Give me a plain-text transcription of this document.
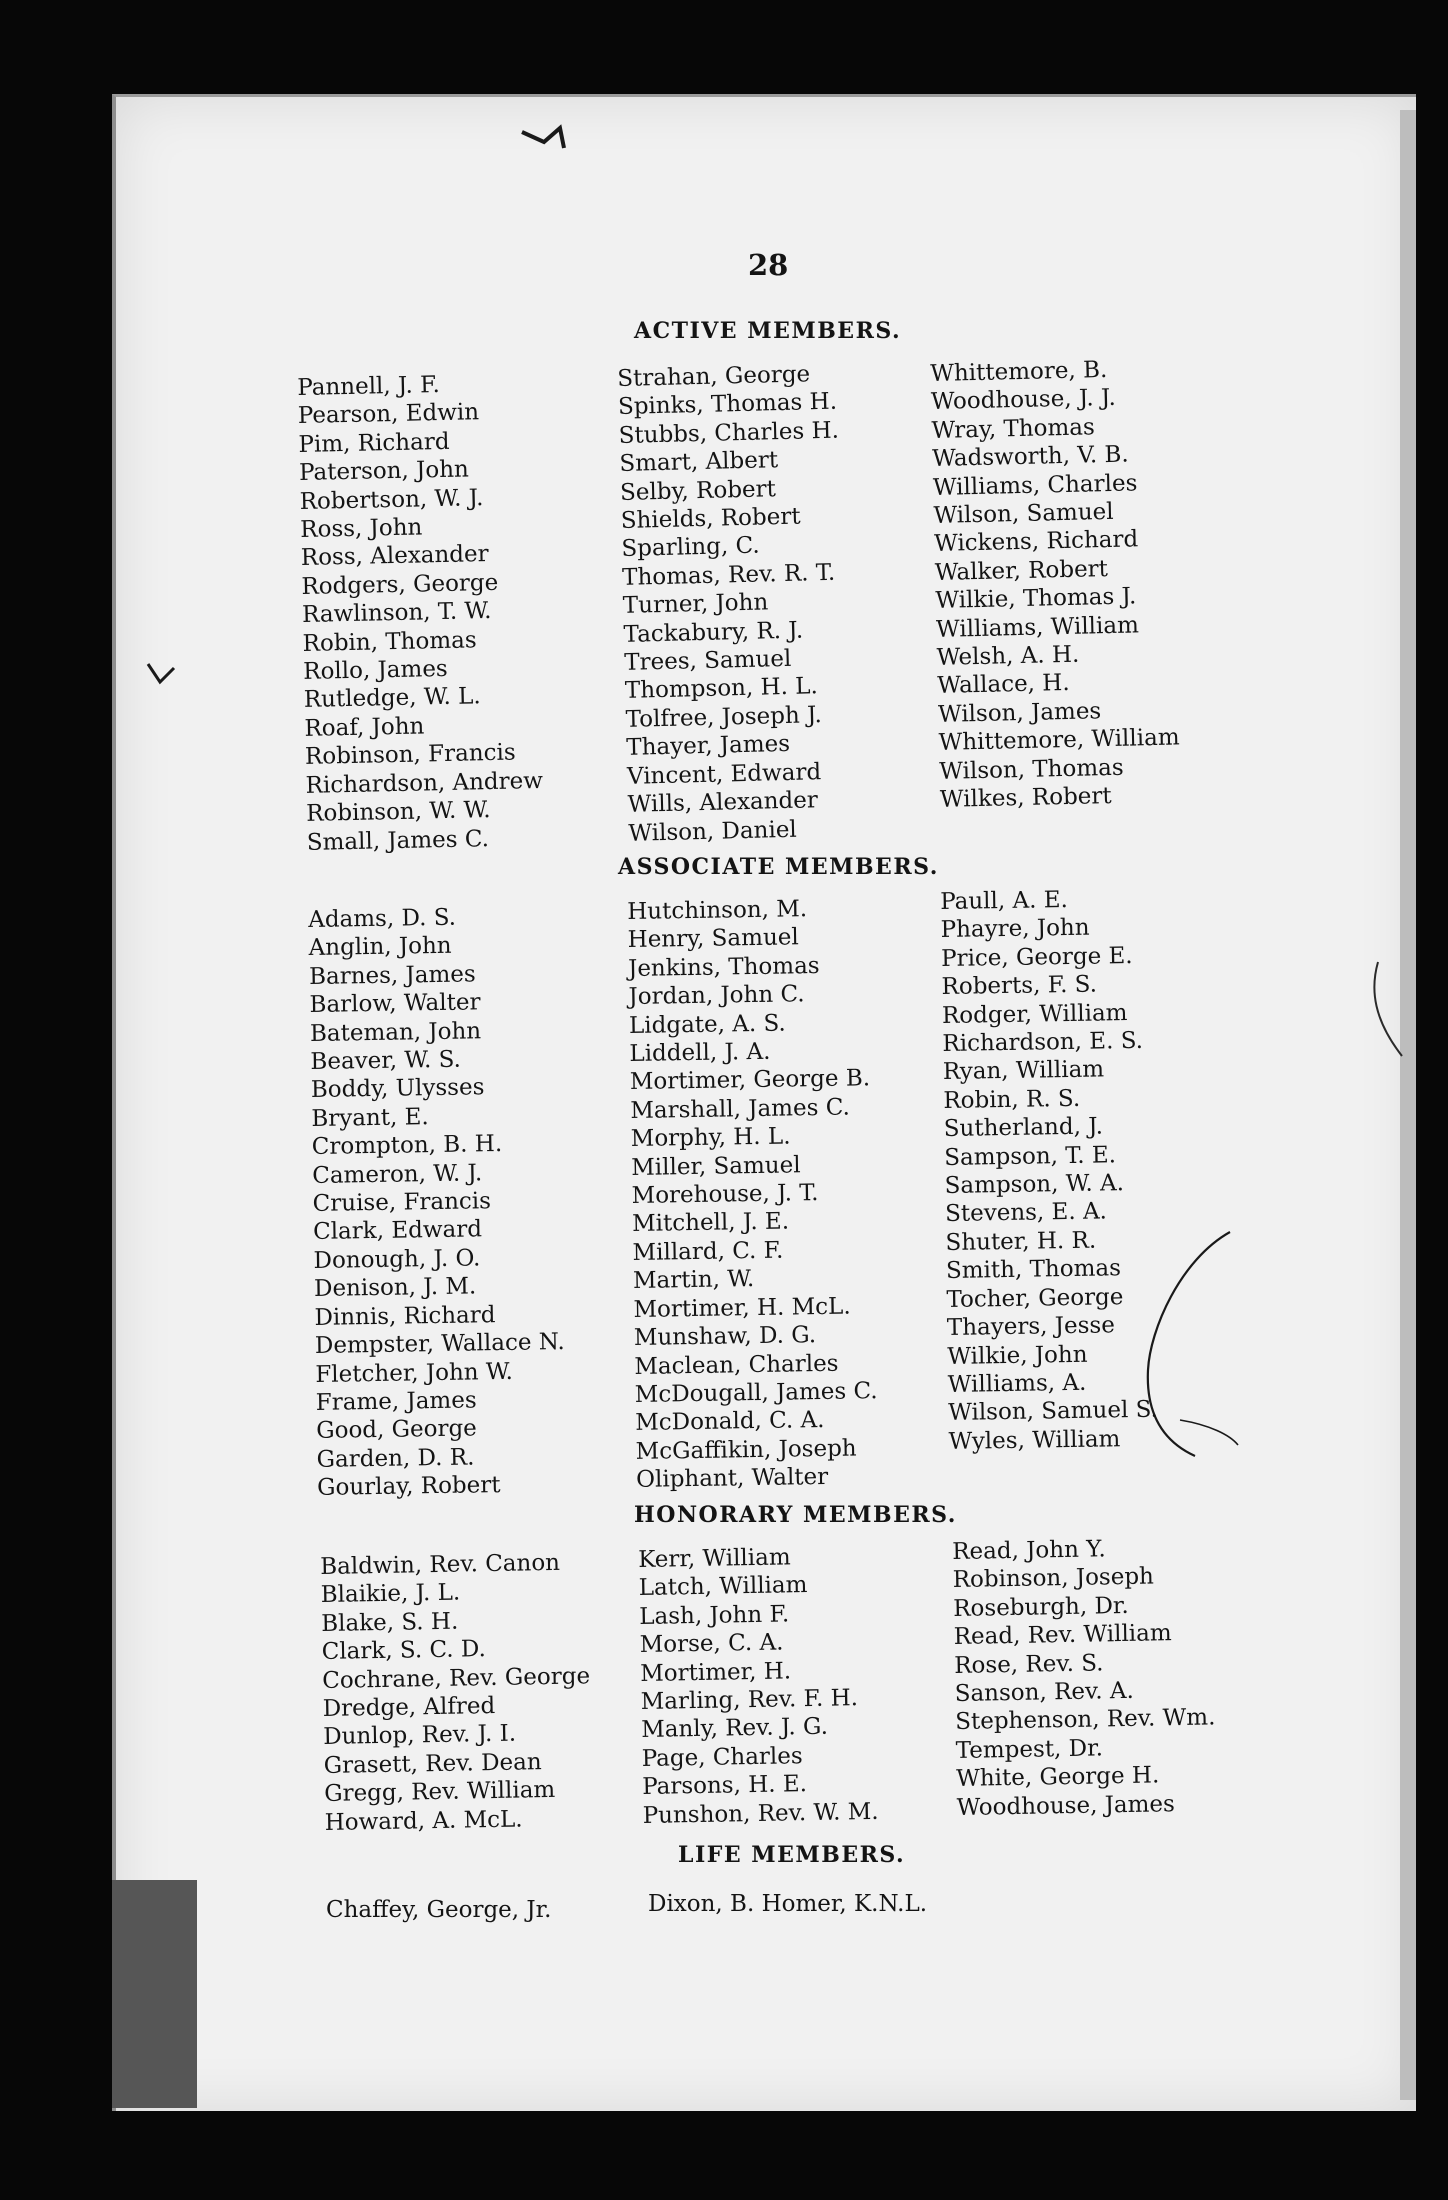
28
ACTIVE MEMBERS.
Pannell, J. F.
Pearson, Edwin
Pim, Richard
Paterson, John
Robertson, W. J.
Ross, John
Ross, Alexander
Rodgers, George
Rawlinson, T. W.
Robin, Thomas
Rollo, James
Rutledge, W. L.
Roaf, John
Robinson, Francis
Richardson, Andrew
Robinson, W. W.
Small, James C.
Strahan, George
Spinks, Thomas H.
Stubbs, Charles H.
Smart, Albert
Selby, Robert
Shields, Robert
Sparling, C.
Thomas, Rev. R. T.
Turner, John
Tackabury, R. J.
Trees, Samuel
Thompson, H. L.
Tolfree, Joseph J.
Thayer, James
Vincent, Edward
Wills, Alexander
Wilson, Daniel
Whittemore, B.
Woodhouse, J. J.
Wray, Thomas
Wadsworth, V. B.
Williams, Charles
Wilson, Samuel
Wickens, Richard
Walker, Robert
Wilkie, Thomas J.
Williams, William
Welsh, A. H.
Wallace, H.
Wilson, James
Whittemore, William
Wilson, Thomas
Wilkes, Robert
ASSOCIATE MEMBERS.
Adams, D. S.
Anglin, John
Barnes, James
Barlow, Walter
Bateman, John
Beaver, W. S.
Boddy, Ulysses
Bryant, E.
Crompton, B. H.
Cameron, W. J.
Cruise, Francis
Clark, Edward
Donough, J. O.
Denison, J. M.
Dinnis, Richard
Dempster, Wallace N.
Fletcher, John W.
Frame, James
Good, George
Garden, D. R.
Gourlay, Robert
Hutchinson, M.
Henry, Samuel
Jenkins, Thomas
Jordan, John C.
Lidgate, A. S.
Liddell, J. A.
Mortimer, George B.
Marshall, James C.
Morphy, H. L.
Miller, Samuel
Morehouse, J. T.
Mitchell, J. E.
Millard, C. F.
Martin, W.
Mortimer, H. McL.
Munshaw, D. G.
Maclean, Charles
McDougall, James C.
McDonald, C. A.
McGaffikin, Joseph
Oliphant, Walter
Paull, A. E.
Phayre, John
Price, George E.
Roberts, F. S.
Rodger, William
Richardson, E. S.
Ryan, William
Robin, R. S.
Sutherland, J.
Sampson, T. E.
Sampson, W. A.
Stevens, E. A.
Shuter, H. R.
Smith, Thomas
Tocher, George
Thayers, Jesse
Wilkie, John
Williams, A.
Wilson, Samuel S.
Wyles, William
HONORARY MEMBERS.
Baldwin, Rev. Canon
Blaikie, J. L.
Blake, S. H.
Clark, S. C. D.
Cochrane, Rev. George
Dredge, Alfred
Dunlop, Rev. J. I.
Grasett, Rev. Dean
Gregg, Rev. William
Howard, A. McL.
Kerr, William
Latch, William
Lash, John F.
Morse, C. A.
Mortimer, H.
Marling, Rev. F. H.
Manly, Rev. J. G.
Page, Charles
Parsons, H. E.
Punshon, Rev. W. M.
Read, John Y.
Robinson, Joseph
Roseburgh, Dr.
Read, Rev. William
Rose, Rev. S.
Sanson, Rev. A.
Stephenson, Rev. Wm.
Tempest, Dr.
White, George H.
Woodhouse, James
LIFE MEMBERS.
Chaffey, George, Jr.	Dixon, B. Homer, K.N.L.
